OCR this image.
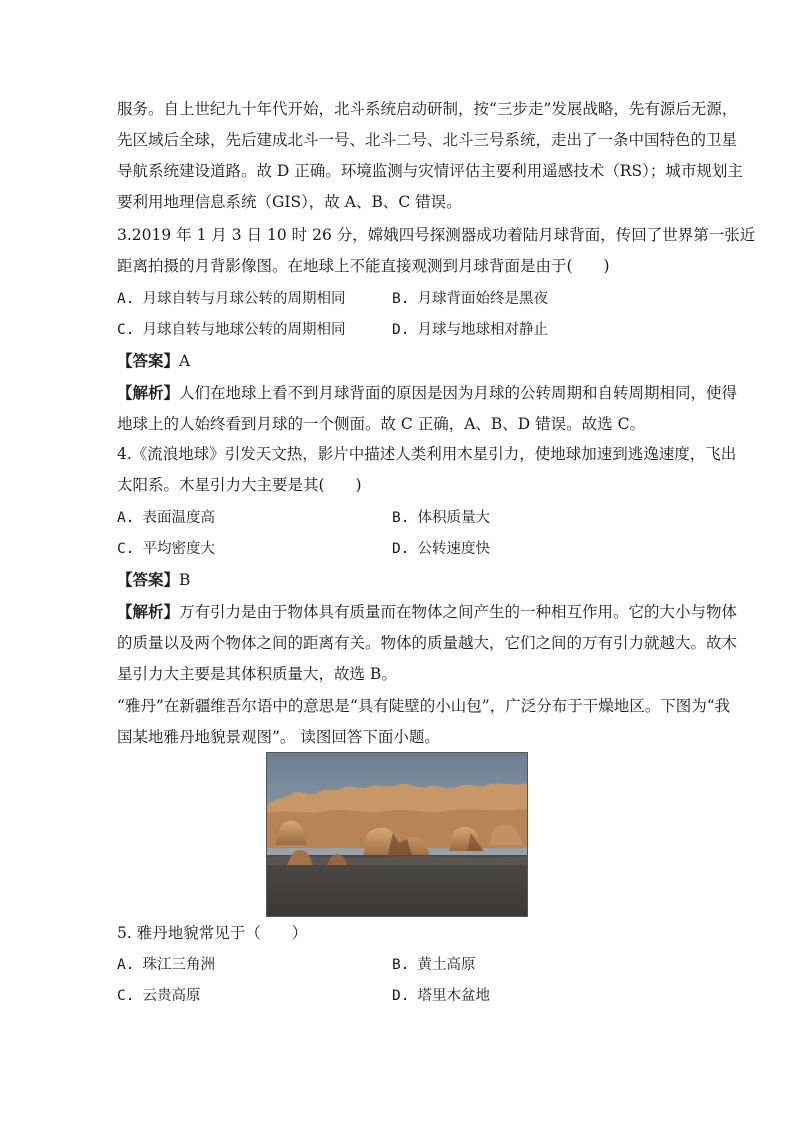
服务。自上世纪九十年代开始，北斗系统启动研制，按“三步走”发展战略，先有源后无源，
先区域后全球，先后建成北斗一号、北斗二号、北斗三号系统，走出了一条中国特色的卫星
导航系统建设道路。故 D 正确。环境监测与灾情评估主要利用遥感技术（RS）；城市规划主
要利用地理信息系统（GIS），故 A、B、C 错误。

3.2019 年 1 月 3 日 10 时 26 分，嫦娥四号探测器成功着陆月球背面，传回了世界第一张近
距离拍摄的月背影像图。在地球上不能直接观测到月球背面是由于(　　)

A. 月球自转与月球公转的周期相同	B. 月球背面始终是黑夜
C. 月球自转与地球公转的周期相同	D. 月球与地球相对静止
【答案】A

【解析】人们在地球上看不到月球背面的原因是因为月球的公转周期和自转周期相同，使得
地球上的人始终看到月球的一个侧面。故 C 正确，A、B、D 错误。故选 C。

4.《流浪地球》引发天文热，影片中描述人类利用木星引力，使地球加速到逃逸速度，飞出
太阳系。木星引力大主要是其(　　)

A. 表面温度高	B. 体积质量大
C. 平均密度大	D. 公转速度快
【答案】B

【解析】万有引力是由于物体具有质量而在物体之间产生的一种相互作用。它的大小与物体
的质量以及两个物体之间的距离有关。物体的质量越大，它们之间的万有引力就越大。故木
星引力大主要是其体积质量大，故选 B。

“雅丹”在新疆维吾尔语中的意思是“具有陡壁的小山包”，广泛分布于干燥地区。下图为“我
国某地雅丹地貌景观图”。 读图回答下面小题。

5. 雅丹地貌常见于（　　）
A. 珠江三角洲	B. 黄土高原
C. 云贵高原	D. 塔里木盆地
